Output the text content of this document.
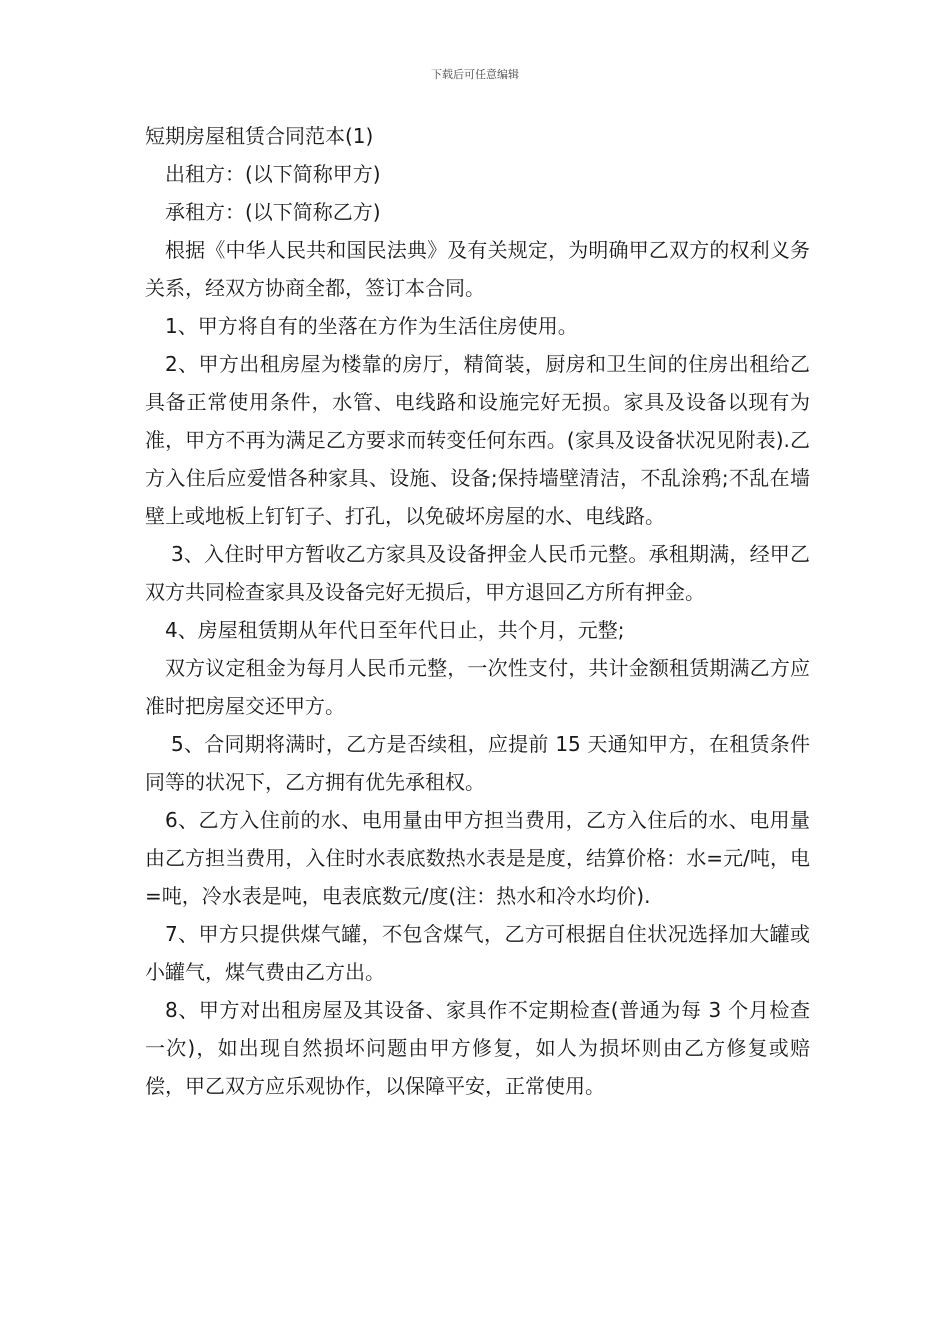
下载后可任意编辑

短期房屋租赁合同范本(1)

出租方：(以下简称甲方)

承租方：(以下简称乙方)

根据《中华人民共和国民法典》及有关规定，为明确甲乙双方的权利义务关系，经双方协商全都，签订本合同。

1、甲方将自有的坐落在方作为生活住房使用。

2、甲方出租房屋为楼靠的房厅，精简装，厨房和卫生间的住房出租给乙具备正常使用条件，水管、电线路和设施完好无损。家具及设备以现有为准，甲方不再为满足乙方要求而转变任何东西。(家具及设备状况见附表).乙方入住后应爱惜各种家具、设施、设备;保持墙壁清洁，不乱涂鸦;不乱在墙壁上或地板上钉钉子、打孔，以免破坏房屋的水、电线路。

3、入住时甲方暂收乙方家具及设备押金人民币元整。承租期满，经甲乙双方共同检查家具及设备完好无损后，甲方退回乙方所有押金。

4、房屋租赁期从年代日至年代日止，共个月，元整;

双方议定租金为每月人民币元整，一次性支付，共计金额租赁期满乙方应准时把房屋交还甲方。

5、合同期将满时，乙方是否续租，应提前 15 天通知甲方，在租赁条件同等的状况下，乙方拥有优先承租权。

6、乙方入住前的水、电用量由甲方担当费用，乙方入住后的水、电用量由乙方担当费用，入住时水表底数热水表是是度，结算价格：水=元/吨，电=吨，冷水表是吨，电表底数元/度(注：热水和冷水均价).

7、甲方只提供煤气罐，不包含煤气，乙方可根据自住状况选择加大罐或小罐气，煤气费由乙方出。

8、甲方对出租房屋及其设备、家具作不定期检查(普通为每 3 个月检查一次)，如出现自然损坏问题由甲方修复，如人为损坏则由乙方修复或赔偿，甲乙双方应乐观协作，以保障平安，正常使用。
